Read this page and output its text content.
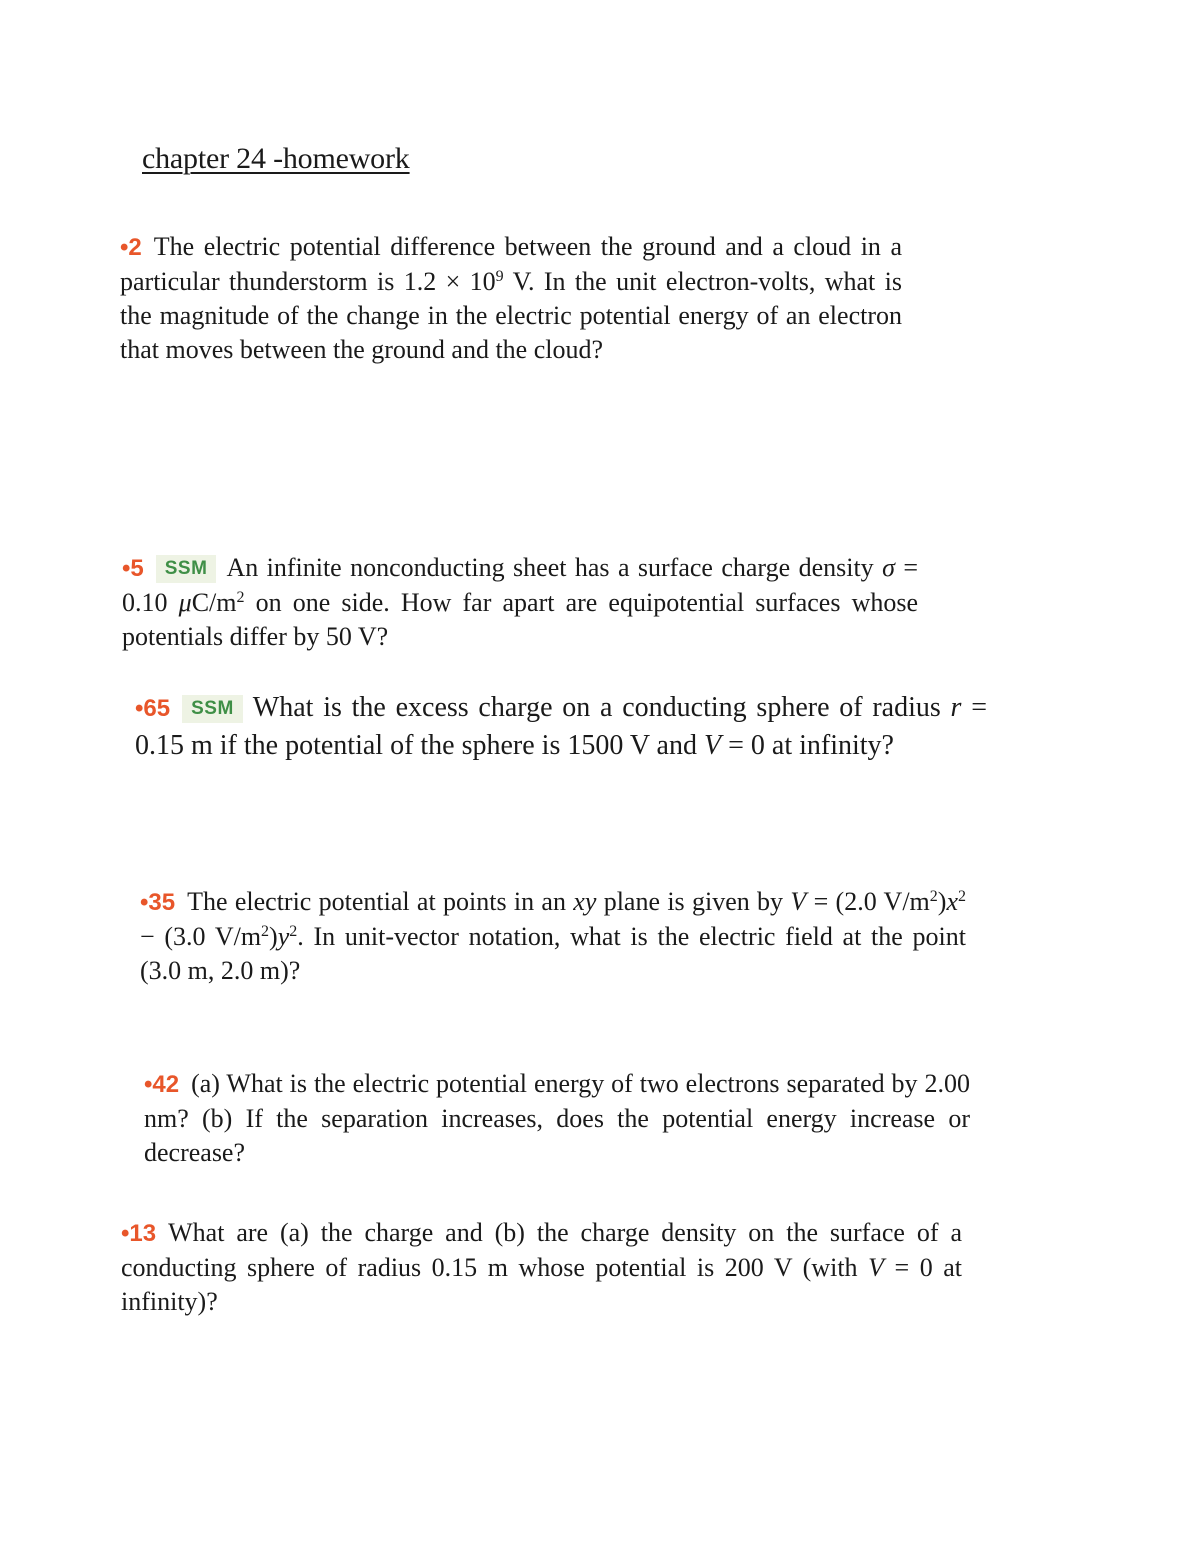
chapter 24 -homework
•2 The electric potential difference between the ground and a cloud in a particular thunderstorm is $1.2 \times 10^9$ V. In the unit electron-volts, what is the magnitude of the change in the electric potential energy of an electron that moves between the ground and the cloud?
•5 SSM An infinite nonconducting sheet has a surface charge density σ = 0.10 $\mu C/m^2$ on one side. How far apart are equipotential surfaces whose potentials differ by 50 V?
•65 SSM What is the excess charge on a conducting sphere of radius r = 0.15 m if the potential of the sphere is 1500 V and V = 0 at infinity?
•35 The electric potential at points in an xy plane is given by V = (2.0 $V/m^2)x^2 - (3.0$ $V/m^2)y^2$. In unit-vector notation, what is the electric field at the point (3.0 m, 2.0 m)?
•42 (a) What is the electric potential energy of two electrons separated by 2.00 nm? (b) If the separation increases, does the potential energy increase or decrease?
•13 What are (a) the charge and (b) the charge density on the surface of a conducting sphere of radius 0.15 m whose potential is 200 V (with V = 0 at infinity)?
